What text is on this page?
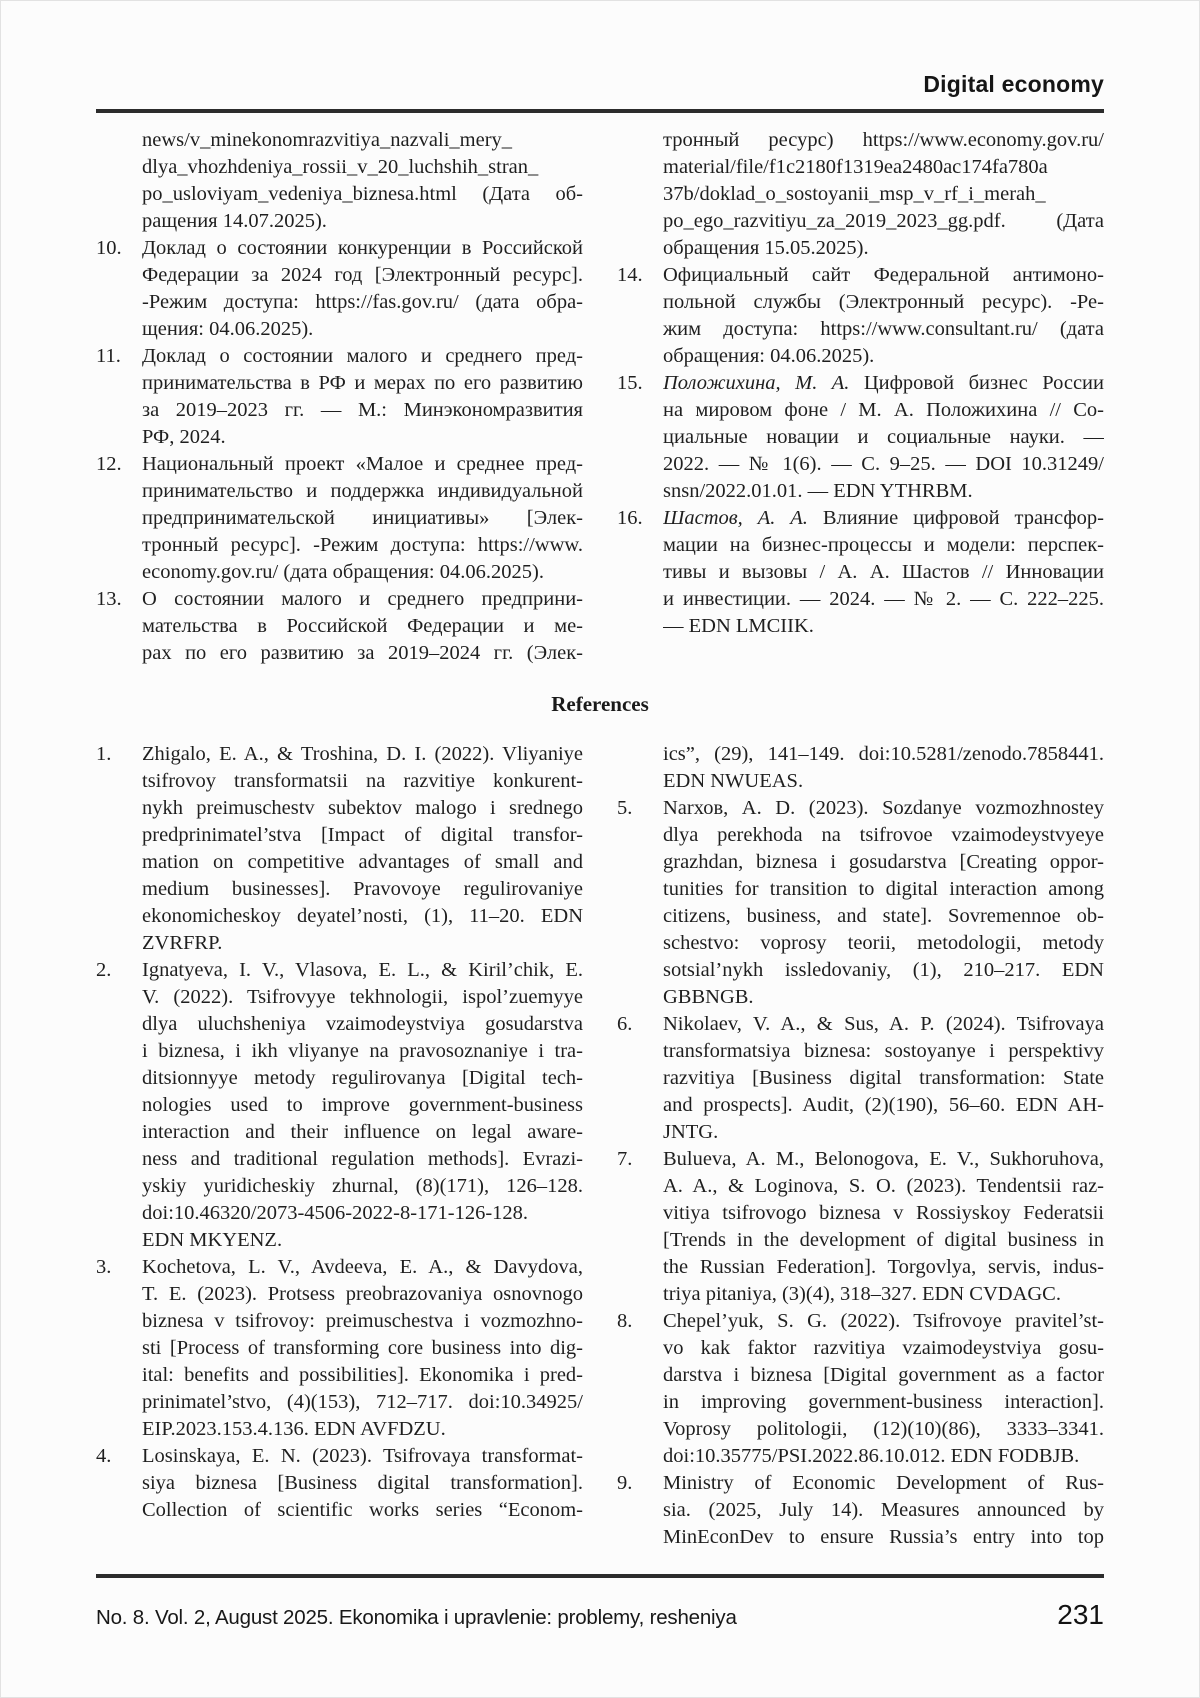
Digital economy
news/v_minekonomrazvitiya_nazvali_mery_
dlya_vhozhdeniya_rossii_v_20_luchshih_stran_
po_usloviyam_vedeniya_biznesa.html (Дата об-
ращения 14.07.2025).
10. Доклад о состоянии конкуренции в Российской
Федерации за 2024 год [Электронный ресурс].
-Режим доступа: https://fas.gov.ru/ (дата обра-
щения: 04.06.2025).
11. Доклад о состоянии малого и среднего пред-
принимательства в РФ и мерах по его развитию
за 2019–2023 гг. — М.: Минэкономразвития
РФ, 2024.
12. Национальный проект «Малое и среднее пред-
принимательство и поддержка индивидуальной
предпринимательской инициативы» [Элек-
тронный ресурс]. -Режим доступа: https://www.
economy.gov.ru/ (дата обращения: 04.06.2025).
13. О состоянии малого и среднего предприни-
мательства в Российской Федерации и ме-
рах по его развитию за 2019–2024 гг. (Элек-
тронный ресурс) https://www.economy.gov.ru/
material/file/f1c2180f1319ea2480ac174fa780a
37b/doklad_o_sostoyanii_msp_v_rf_i_merah_
po_ego_razvitiyu_za_2019_2023_gg.pdf. (Дата
обращения 15.05.2025).
14. Официальный сайт Федеральной антимоно-
польной службы (Электронный ресурс). -Ре-
жим доступа: https://www.consultant.ru/ (дата
обращения: 04.06.2025).
15. Положихина, М. А. Цифровой бизнес России
на мировом фоне / М. А. Положихина // Со-
циальные новации и социальные науки. —
2022. — № 1(6). — С. 9–25. — DOI 10.31249/
snsn/2022.01.01. — EDN YTHRBM.
16. Шастов, А. А. Влияние цифровой трансфор-
мации на бизнес-процессы и модели: перспек-
тивы и вызовы / А. А. Шастов // Инновации
и инвестиции. — 2024. — № 2. — С. 222–225.
— EDN LMCIIK.
References
1. Zhigalo, E. A., & Troshina, D. I. (2022). Vliyaniye
tsifrovoy transformatsii na razvitiye konkurent-
nykh preimuschestv subektov malogo i srednego
predprinimatel’stva [Impact of digital transfor-
mation on competitive advantages of small and
medium businesses]. Pravovoye regulirovaniye
ekonomicheskoy deyatel’nosti, (1), 11–20. EDN
ZVRFRP.
2. Ignatyeva, I. V., Vlasova, E. L., & Kiril’chik, E.
V. (2022). Tsifrovyye tekhnologii, ispol’zuemyye
dlya uluchsheniya vzaimodeystviya gosudarstva
i biznesa, i ikh vliyanye na pravosoznaniye i tra-
ditsionnyye metody regulirovanya [Digital tech-
nologies used to improve government-business
interaction and their influence on legal aware-
ness and traditional regulation methods]. Evrazi-
yskiy yuridicheskiy zhurnal, (8)(171), 126–128.
doi:10.46320/2073-4506-2022-8-171-126-128.
EDN MKYENZ.
3. Kochetova, L. V., Avdeeva, E. A., & Davydova,
T. E. (2023). Protsess preobrazovaniya osnovnogo
biznesa v tsifrovoy: preimuschestva i vozmozhno-
sti [Process of transforming core business into dig-
ital: benefits and possibilities]. Ekonomika i pred-
prinimatel’stvo, (4)(153), 712–717. doi:10.34925/
EIP.2023.153.4.136. EDN AVFDZU.
4. Losinskaya, E. N. (2023). Tsifrovaya transformat-
siya biznesa [Business digital transformation].
Collection of scientific works series “Econom-
ics”, (29), 141–149. doi:10.5281/zenodo.7858441.
EDN NWUEAS.
5. Narхов, A. D. (2023). Sozdanye vozmozhnostey
dlya perekhoda na tsifrovoe vzaimodeystvyeye
grazhdan, biznesa i gosudarstva [Creating oppor-
tunities for transition to digital interaction among
citizens, business, and state]. Sovremennoe ob-
schestvo: voprosy teorii, metodologii, metody
sotsial’nykh issledovaniy, (1), 210–217. EDN
GBBNGB.
6. Nikolaev, V. A., & Sus, A. P. (2024). Tsifrovaya
transformatsiya biznesa: sostoyanye i perspektivy
razvitiya [Business digital transformation: State
and prospects]. Audit, (2)(190), 56–60. EDN AH-
JNTG.
7. Bulueva, A. M., Belonogova, E. V., Sukhoruhova,
A. A., & Loginova, S. O. (2023). Tendentsii raz-
vitiya tsifrovogo biznesa v Rossiyskoy Federatsii
[Trends in the development of digital business in
the Russian Federation]. Torgovlya, servis, indus-
triya pitaniya, (3)(4), 318–327. EDN CVDAGC.
8. Chepel’yuk, S. G. (2022). Tsifrovoye pravitel’st-
vo kak faktor razvitiya vzaimodeystviya gosu-
darstva i biznesa [Digital government as a factor
in improving government-business interaction].
Voprosy politologii, (12)(10)(86), 3333–3341.
doi:10.35775/PSI.2022.86.10.012. EDN FODBJB.
9. Ministry of Economic Development of Rus-
sia. (2025, July 14). Measures announced by
MinEconDev to ensure Russia’s entry into top
No. 8. Vol. 2, August 2025. Ekonomika i upravlenie: problemy, resheniya	231
